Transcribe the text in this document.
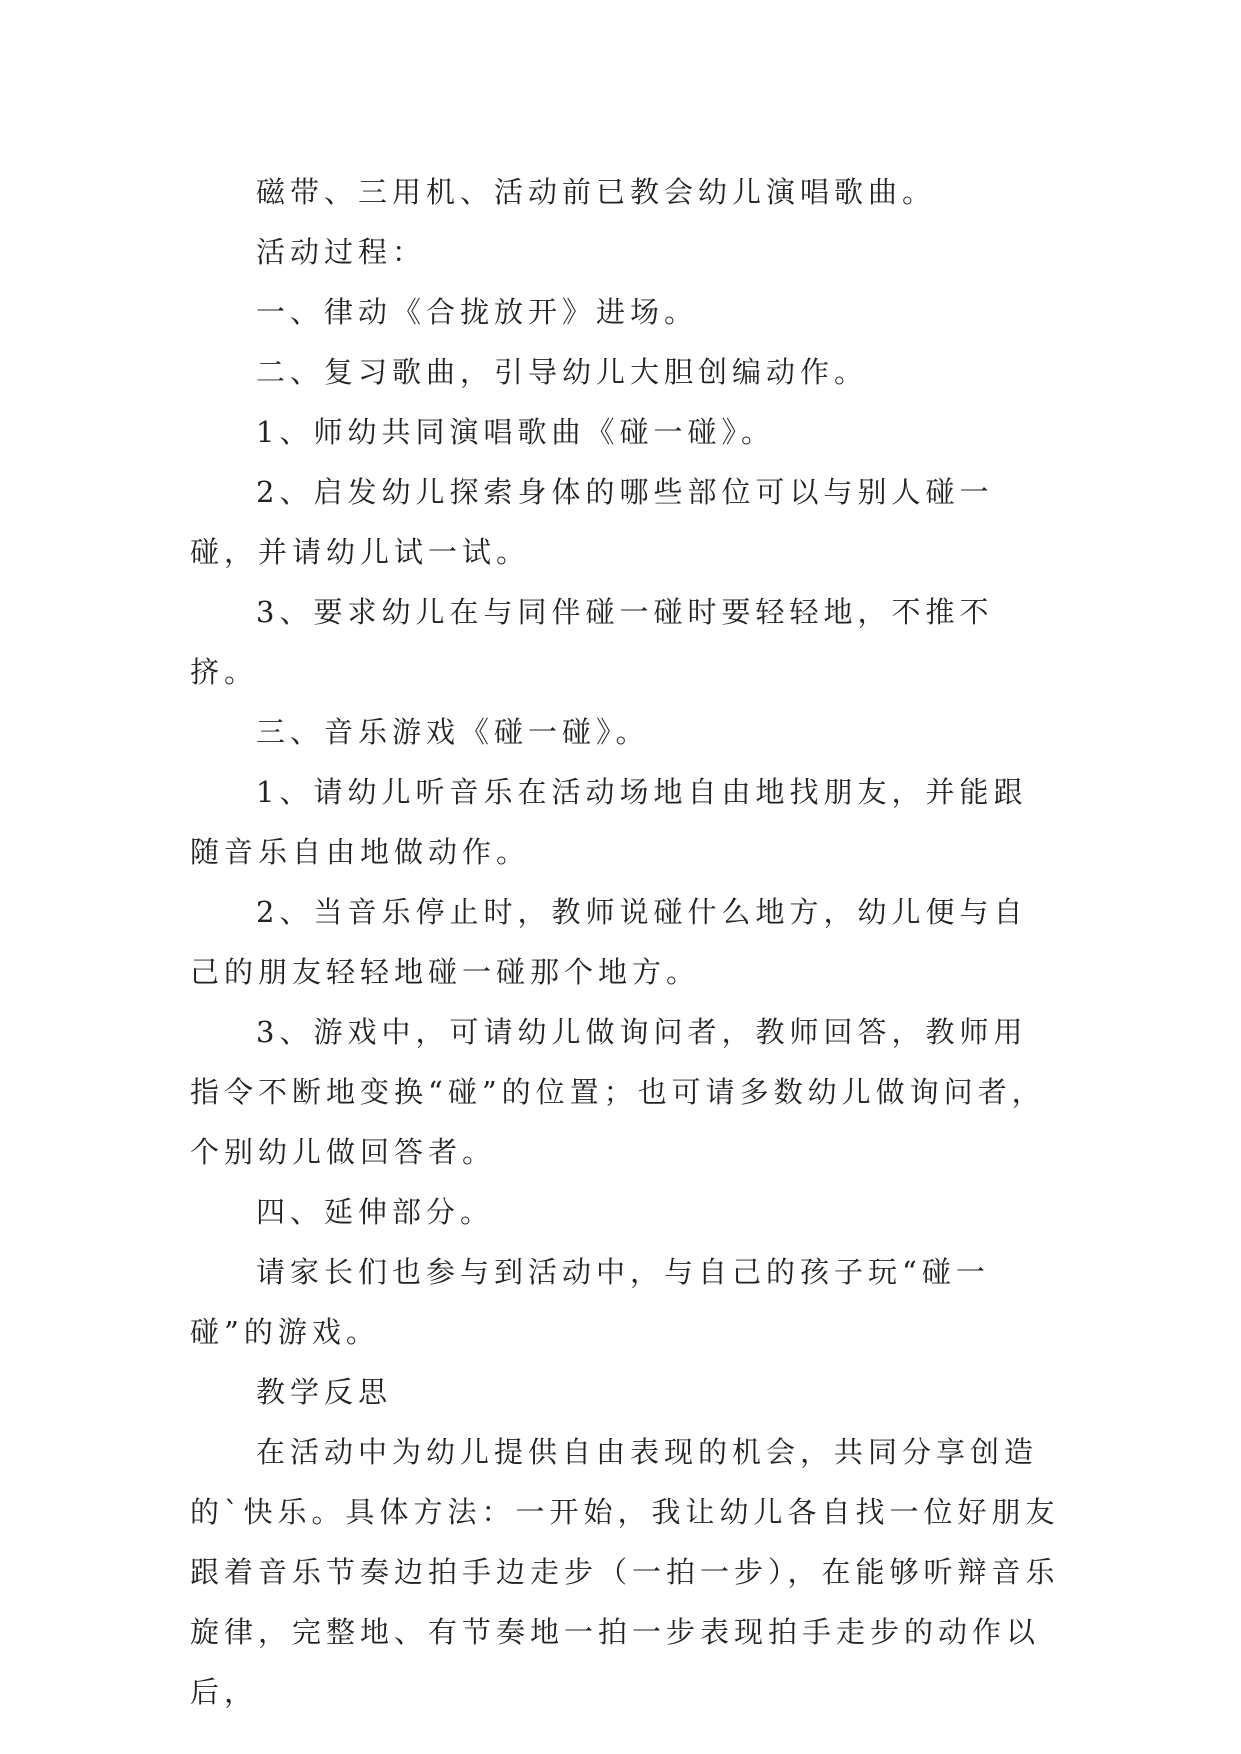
磁带、三用机、活动前已教会幼儿演唱歌曲。

活动过程：

一、律动《合拢放开》进场。

二、复习歌曲，引导幼儿大胆创编动作。

1、师幼共同演唱歌曲《碰一碰》。

2、启发幼儿探索身体的哪些部位可以与别人碰一碰，并请幼儿试一试。

3、要求幼儿在与同伴碰一碰时要轻轻地，不推不挤。

三、音乐游戏《碰一碰》。

1、请幼儿听音乐在活动场地自由地找朋友，并能跟随音乐自由地做动作。

2、当音乐停止时，教师说碰什么地方，幼儿便与自己的朋友轻轻地碰一碰那个地方。

3、游戏中，可请幼儿做询问者，教师回答，教师用指令不断地变换“碰”的位置；也可请多数幼儿做询问者，个别幼儿做回答者。

四、延伸部分。

请家长们也参与到活动中，与自己的孩子玩“碰一碰”的游戏。

教学反思

在活动中为幼儿提供自由表现的机会，共同分享创造的`快乐。具体方法：一开始，我让幼儿各自找一位好朋友跟着音乐节奏边拍手边走步（一拍一步），在能够听辩音乐旋律，完整地、有节奏地一拍一步表现拍手走步的动作以后，
